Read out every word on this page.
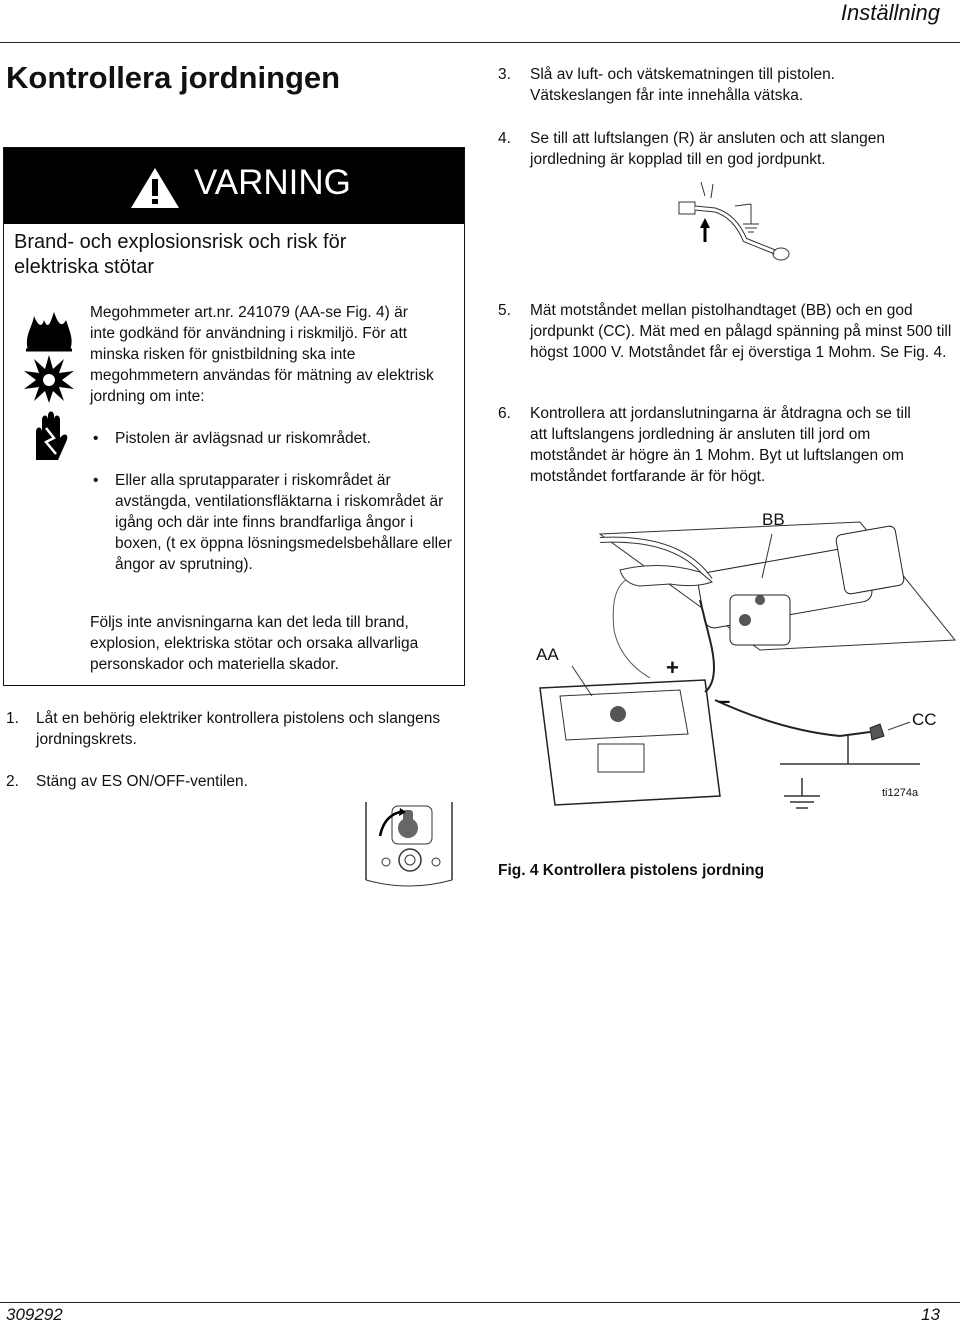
Inställning
Kontrollera jordningen
VARNING
Brand- och explosionsrisk och risk för
elektriska stötar
Megohmmeter art.nr. 241079 (AA-se Fig. 4) är inte godkänd för användning i riskmiljö. För att minska risken för gnistbildning ska inte megohmmetern användas för mätning av elektrisk jordning om inte:
• Pistolen är avlägsnad ur riskområdet.
• Eller alla sprutapparater i riskområdet är avstängda, ventilationsfläktarna i riskområdet är igång och där inte finns brandfarliga ångor i boxen, (t ex öppna lösningsmedelsbehållare eller ångor av sprutning).
Följs inte anvisningarna kan det leda till brand, explosion, elektriska stötar och orsaka allvarliga personskador och materiella skador.
1. Låt en behörig elektriker kontrollera pistolens och slangens jordningskrets.
2. Stäng av ES ON/OFF-ventilen.
3. Slå av luft- och vätskematningen till pistolen. Vätskeslangen får inte innehålla vätska.
4. Se till att luftslangen (R) är ansluten och att slangen jordledning är kopplad till en god jordpunkt.
5. Mät motståndet mellan pistolhandtaget (BB) och en god jordpunkt (CC). Mät med en pålagd spänning på minst 500 till högst 1000 V. Motståndet får ej överstiga 1 Mohm. Se Fig. 4.
6. Kontrollera att jordanslutningarna är åtdragna och se till att luftslangens jordledning är ansluten till jord om motståndet är högre än 1 Mohm. Byt ut luftslangen om motståndet fortfarande är för högt.
BB
AA
+
–
CC
ti1274a
Fig. 4 Kontrollera pistolens jordning
309292	13
